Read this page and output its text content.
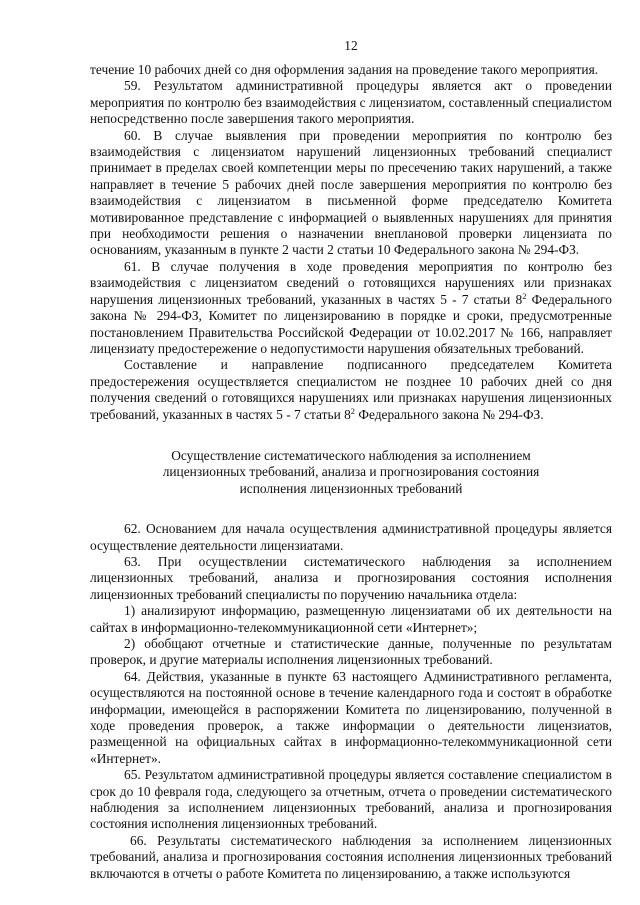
12

течение 10 рабочих дней со дня оформления задания на проведение такого мероприятия.

59. Результатом административной процедуры является акт о проведении мероприятия по контролю без взаимодействия с лицензиатом, составленный специалистом непосредственно после завершения такого мероприятия.

60. В случае выявления при проведении мероприятия по контролю без взаимодействия с лицензиатом нарушений лицензионных требований специалист принимает в пределах своей компетенции меры по пресечению таких нарушений, а также направляет в течение 5 рабочих дней после завершения мероприятия по контролю без взаимодействия с лицензиатом в письменной форме председателю Комитета мотивированное представление с информацией о выявленных нарушениях для принятия при необходимости решения о назначении внеплановой проверки лицензиата по основаниям, указанным в пункте 2 части 2 статьи 10 Федерального закона № 294-ФЗ.

61. В случае получения в ходе проведения мероприятия по контролю без взаимодействия с лицензиатом сведений о готовящихся нарушениях или признаках нарушения лицензионных требований, указанных в частях 5 - 7 статьи $8^2$ Федерального закона № 294-ФЗ, Комитет по лицензированию в порядке и сроки, предусмотренные постановлением Правительства Российской Федерации от 10.02.2017 № 166, направляет лицензиату предостережение о недопустимости нарушения обязательных требований.

Составление и направление подписанного председателем Комитета предостережения осуществляется специалистом не позднее 10 рабочих дней со дня получения сведений о готовящихся нарушениях или признаках нарушения лицензионных требований, указанных в частях 5 - 7 статьи $8^2$ Федерального закона № 294-ФЗ.

Осуществление систематического наблюдения за исполнением
лицензионных требований, анализа и прогнозирования состояния
исполнения лицензионных требований

62. Основанием для начала осуществления административной процедуры является осуществление деятельности лицензиатами.

63. При осуществлении систематического наблюдения за исполнением лицензионных требований, анализа и прогнозирования состояния исполнения лицензионных требований специалисты по поручению начальника отдела:

1) анализируют информацию, размещенную лицензиатами об их деятельности на сайтах в информационно-телекоммуникационной сети «Интернет»;

2) обобщают отчетные и статистические данные, полученные по результатам проверок, и другие материалы исполнения лицензионных требований.

64. Действия, указанные в пункте 63 настоящего Административного регламента, осуществляются на постоянной основе в течение календарного года и состоят в обработке информации, имеющейся в распоряжении Комитета по лицензированию, полученной в ходе проведения проверок, а также информации о деятельности лицензиатов, размещенной на официальных сайтах в информационно-телекоммуникационной сети «Интернет».

65. Результатом административной процедуры является составление специалистом в срок до 10 февраля года, следующего за отчетным, отчета о проведении систематического наблюдения за исполнением лицензионных требований, анализа и прогнозирования состояния исполнения лицензионных требований.

66. Результаты систематического наблюдения за исполнением лицензионных требований, анализа и прогнозирования состояния исполнения лицензионных требований включаются в отчеты о работе Комитета по лицензированию, а также используются
